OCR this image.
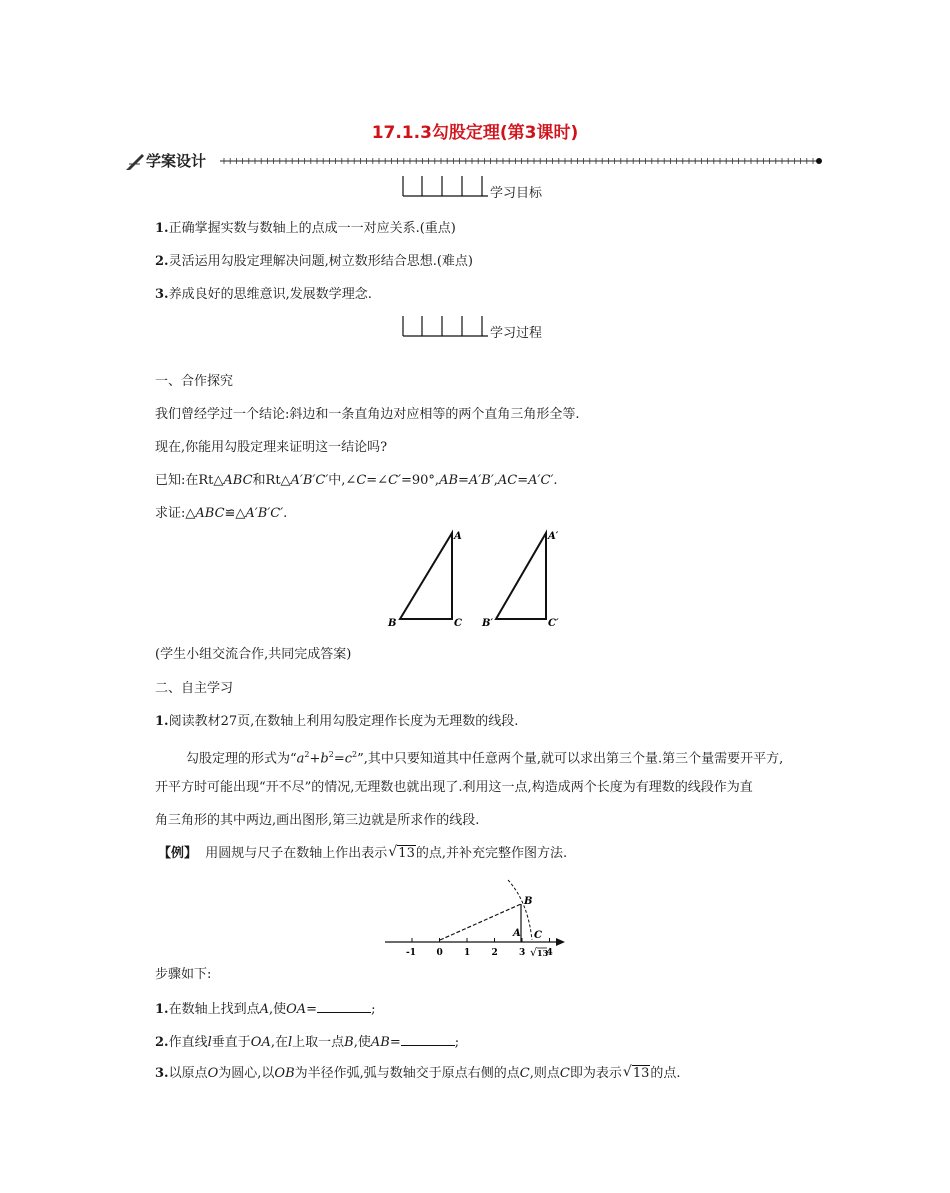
17.1.3勾股定理(第3课时)
学案设计
学习目标
1.正确掌握实数与数轴上的点成一一对应关系.(重点)
2.灵活运用勾股定理解决问题,树立数形结合思想.(难点)
3.养成良好的思维意识,发展数学理念.
学习过程
一、合作探究
我们曾经学过一个结论:斜边和一条直角边对应相等的两个直角三角形全等.
现在,你能用勾股定理来证明这一结论吗?
已知:在Rt△ABC和Rt△A′B′C′中,∠C=∠C′=90°,AB=A′B′,AC=A′C′.
求证:△ABC≌△A′B′C′.
A
B	C
A′
B′	C′
(学生小组交流合作,共同完成答案)
二、自主学习
1.阅读教材27页,在数轴上利用勾股定理作长度为无理数的线段.
勾股定理的形式为“$a^2+b^2=c^2$”,其中只要知道其中任意两个量,就可以求出第三个量.第三个量需要开平方,
开平方时可能出现“开不尽”的情况,无理数也就出现了.利用这一点,构造成两个长度为有理数的线段作为直
角三角形的其中两边,画出图形,第三边就是所求作的线段.
【例】 用圆规与尺子在数轴上作出表示 √ 13的点,并补充完整作图方法.
-1 0 1 2 3 4
B
A C
√ 13
步骤如下:
1.在数轴上找到点A,使OA=	;
2.作直线l垂直于OA,在l上取一点B,使AB=	;
3.以原点O为圆心,以OB为半径作弧,弧与数轴交于原点右侧的点C,则点C即为表示 √ 13的点.
